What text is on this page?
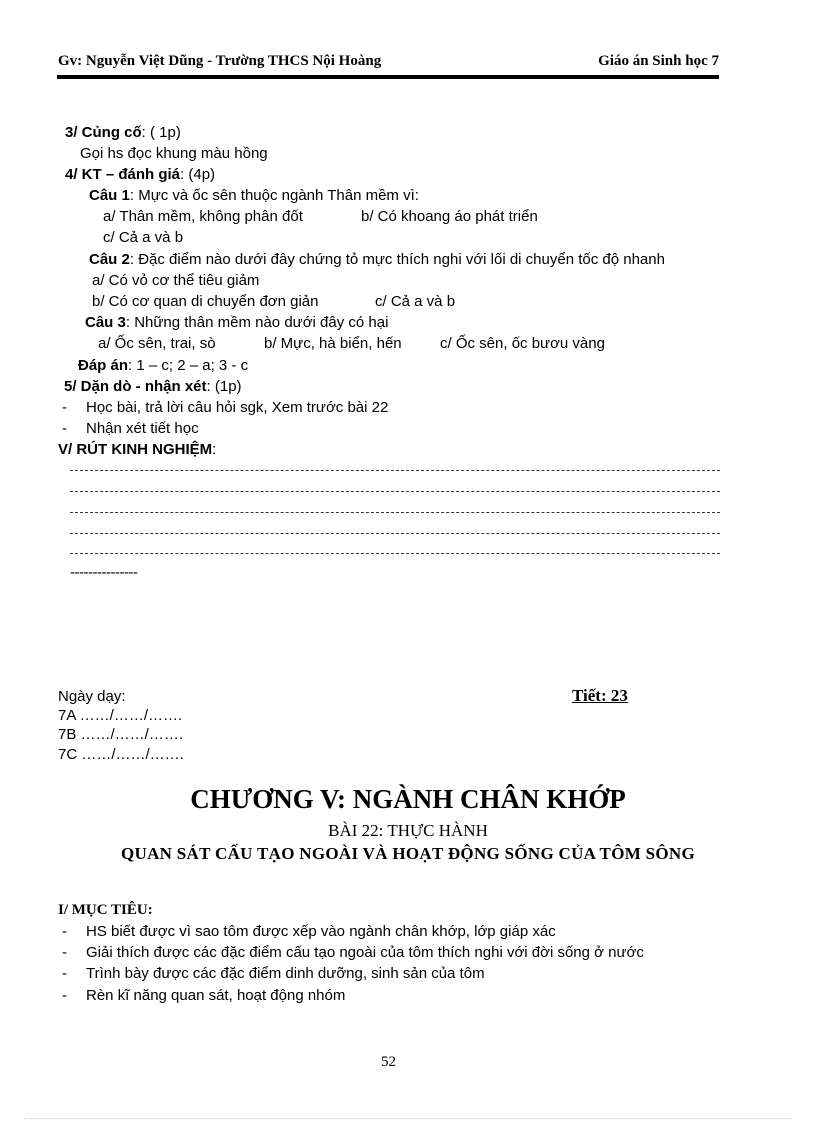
Gv: Nguyễn Việt Dũng - Trường THCS Nội Hoàng	Giáo án Sinh học 7
3/ Củng cố: ( 1p)
Gọi hs đọc khung màu hồng
4/ KT – đánh giá: (4p)
Câu 1: Mực và ốc sên thuộc ngành Thân mềm vì:
a/ Thân mềm, không phân đốt	b/ Có khoang áo phát triển
c/ Cả a và b
Câu 2: Đặc điểm nào dưới đây chứng tỏ mực thích nghi với lối di chuyển tốc độ nhanh
a/ Có vỏ cơ thể tiêu giảm
b/ Có cơ quan di chuyển đơn giản	c/ Cả a và b
Câu 3: Những thân mềm nào dưới đây có hại
a/ Ốc sên, trai, sò	b/ Mực, hà biển, hến	c/ Ốc sên, ốc bươu vàng
Đáp án: 1 – c; 2 – a; 3 - c
5/ Dặn dò - nhận xét: (1p)
- Học bài, trả lời câu hỏi sgk, Xem trước bài 22
- Nhận xét tiết học
V/ RÚT KINH NGHIỆM:
---------------
Ngày dạy:	Tiết: 23
7A ……/……/…….
7B ……/……/…….
7C ……/……/…….
CHƯƠNG V: NGÀNH CHÂN KHỚP
BÀI 22: THỰC HÀNH
QUAN SÁT CẤU TẠO NGOÀI VÀ HOẠT ĐỘNG SỐNG CỦA TÔM SÔNG
I/ MỤC TIÊU:
- HS biết được vì sao tôm được xếp vào ngành chân khớp, lớp giáp xác
- Giải thích được các đặc điểm cấu tạo ngoài của tôm thích nghi với đời sống ở nước
- Trình bày được các đặc điểm dinh dưỡng, sinh sản của tôm
- Rèn kĩ năng quan sát, hoạt động nhóm
52
